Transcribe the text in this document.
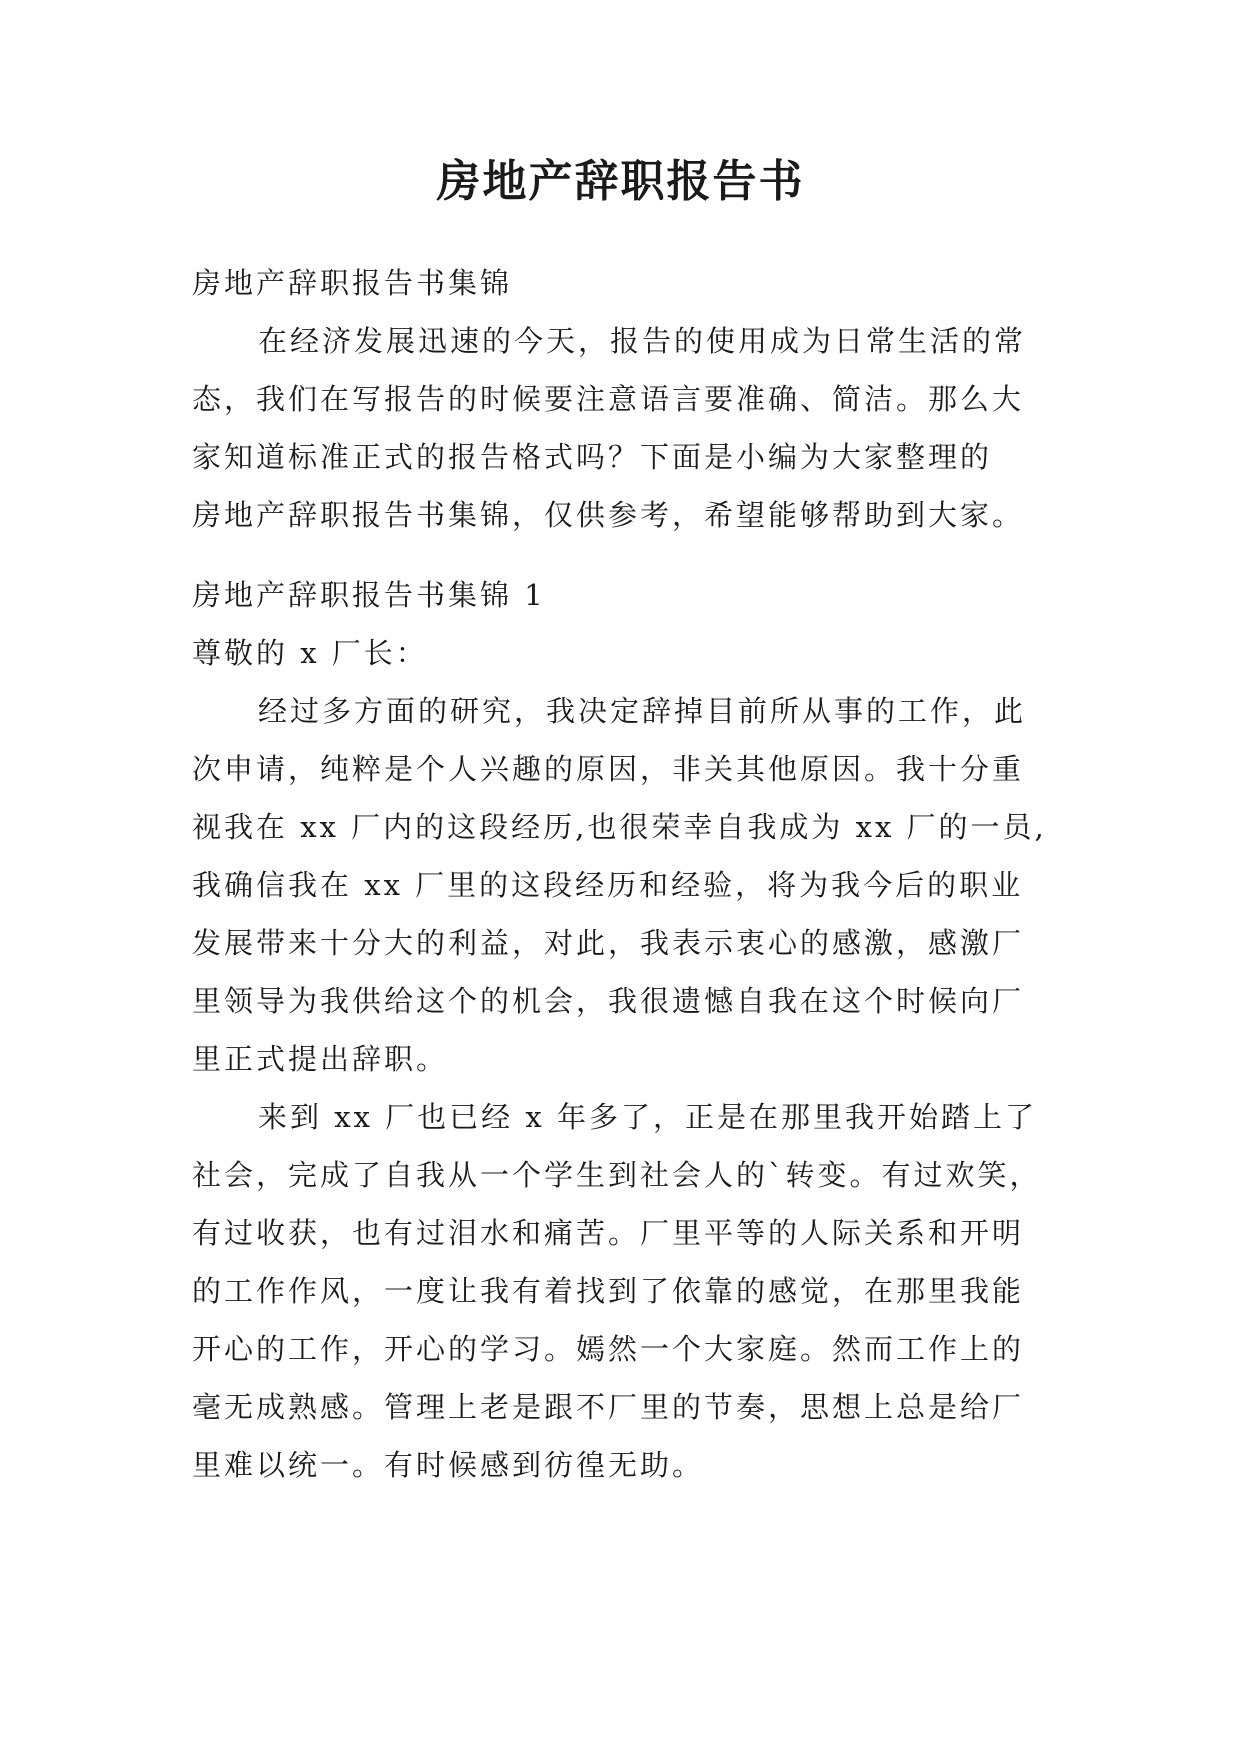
房地产辞职报告书
房地产辞职报告书集锦
在经济发展迅速的今天，报告的使用成为日常生活的常
态，我们在写报告的时候要注意语言要准确、简洁。那么大
家知道标准正式的报告格式吗？下面是小编为大家整理的
房地产辞职报告书集锦，仅供参考，希望能够帮助到大家。
房地产辞职报告书集锦 1
尊敬的 x 厂长：
经过多方面的研究，我决定辞掉目前所从事的工作，此
次申请，纯粹是个人兴趣的原因，非关其他原因。我十分重
视我在 xx 厂内的这段经历,也很荣幸自我成为 xx 厂的一员,
我确信我在 xx 厂里的这段经历和经验，将为我今后的职业
发展带来十分大的利益，对此，我表示衷心的感激，感激厂
里领导为我供给这个的机会，我很遗憾自我在这个时候向厂
里正式提出辞职。
来到 xx 厂也已经 x 年多了，正是在那里我开始踏上了
社会，完成了自我从一个学生到社会人的`转变。有过欢笑，
有过收获，也有过泪水和痛苦。厂里平等的人际关系和开明
的工作作风，一度让我有着找到了依靠的感觉，在那里我能
开心的工作，开心的学习。嫣然一个大家庭。然而工作上的
毫无成熟感。管理上老是跟不厂里的节奏，思想上总是给厂
里难以统一。有时候感到彷徨无助。
